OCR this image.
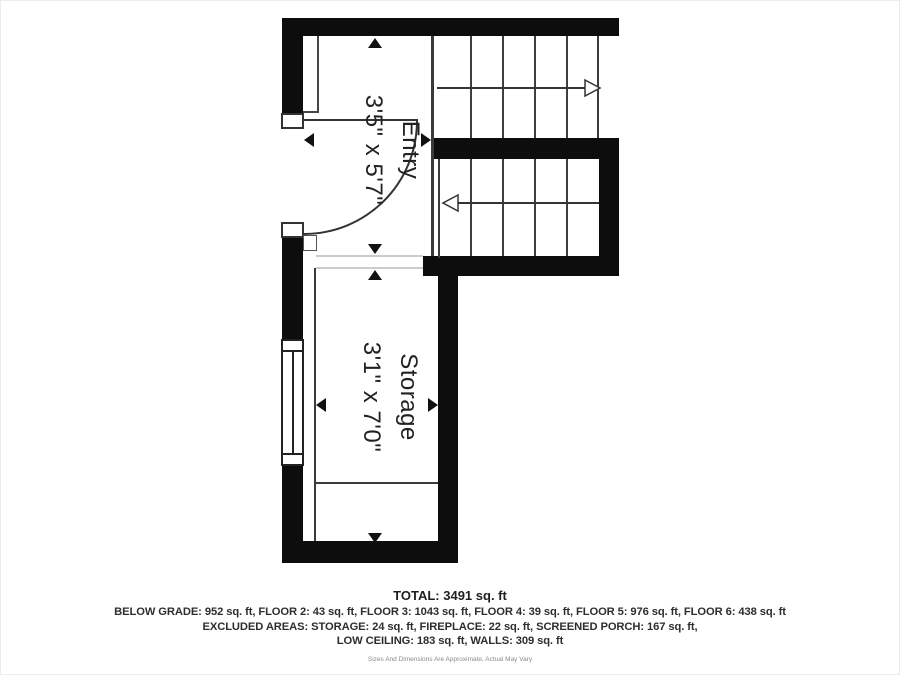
Entry
3'5" x 5'7"
Storage
3'1" x 7'0"
TOTAL: 3491 sq. ft
BELOW GRADE: 952 sq. ft, FLOOR 2: 43 sq. ft, FLOOR 3: 1043 sq. ft, FLOOR 4: 39 sq. ft, FLOOR 5: 976 sq. ft, FLOOR 6: 438 sq. ft
EXCLUDED AREAS: STORAGE: 24 sq. ft, FIREPLACE: 22 sq. ft, SCREENED PORCH: 167 sq. ft,
LOW CEILING: 183 sq. ft, WALLS: 309 sq. ft
Sizes And Dimensions Are Approximate, Actual May Vary
